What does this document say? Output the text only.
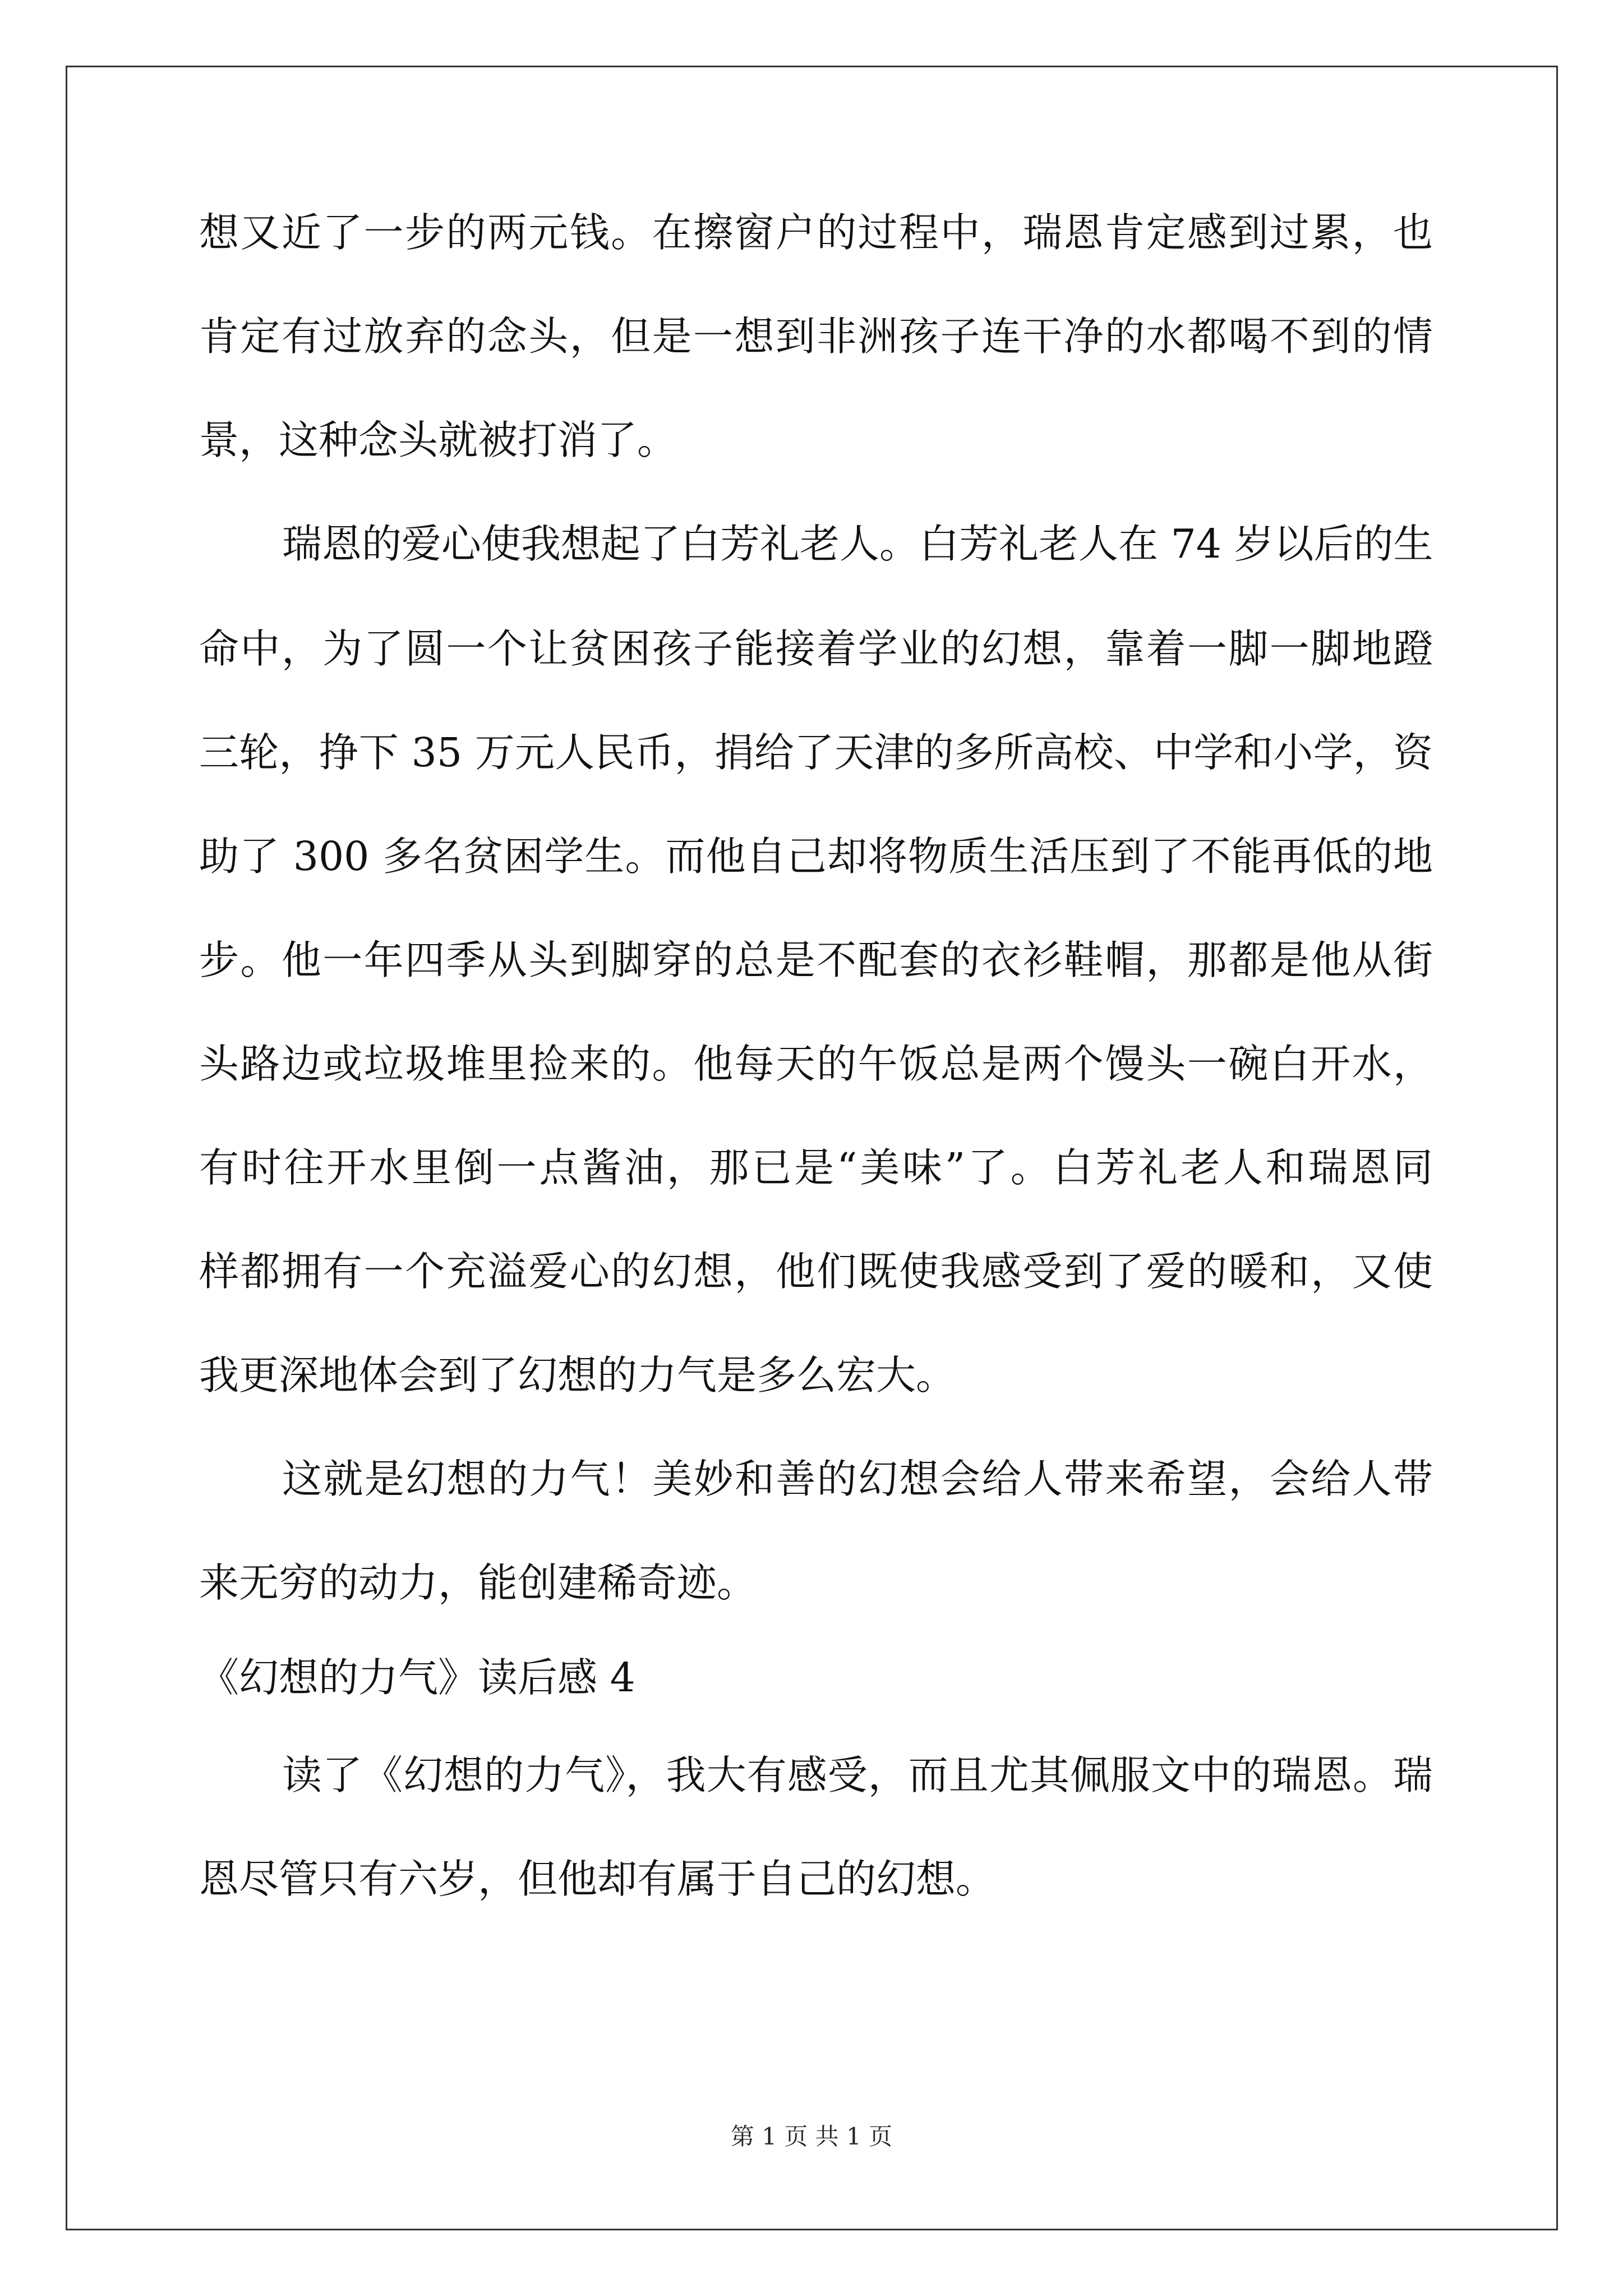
想又近了一步的两元钱。在擦窗户的过程中，瑞恩肯定感到过累，也
肯定有过放弃的念头，但是一想到非洲孩子连干净的水都喝不到的情
景，这种念头就被打消了。
瑞恩的爱心使我想起了白芳礼老人。白芳礼老人在 74 岁以后的生
命中，为了圆一个让贫困孩子能接着学业的幻想，靠着一脚一脚地蹬
三轮，挣下 35 万元人民币，捐给了天津的多所高校、中学和小学，资
助了 300 多名贫困学生。而他自己却将物质生活压到了不能再低的地
步。他一年四季从头到脚穿的总是不配套的衣衫鞋帽，那都是他从街
头路边或垃圾堆里捡来的。他每天的午饭总是两个馒头一碗白开水，
有时往开水里倒一点酱油，那已是“美味”了。白芳礼老人和瑞恩同
样都拥有一个充溢爱心的幻想，他们既使我感受到了爱的暖和，又使
我更深地体会到了幻想的力气是多么宏大。
这就是幻想的力气！美妙和善的幻想会给人带来希望，会给人带
来无穷的动力，能创建稀奇迹。
《幻想的力气》读后感 4
读了《幻想的力气》，我大有感受，而且尤其佩服文中的瑞恩。瑞
恩尽管只有六岁，但他却有属于自己的幻想。
第 1 页 共 1 页
